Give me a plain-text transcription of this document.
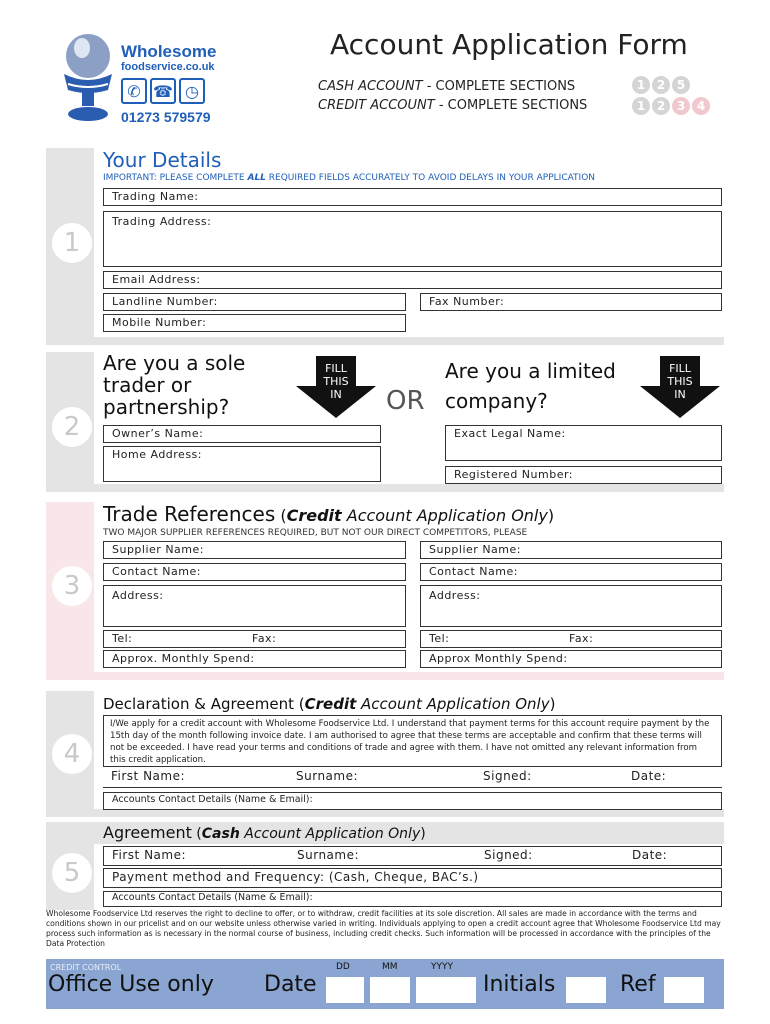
Wholesome
foodservice.co.uk
✆ ☎ ◷
01273 579579
Account Application Form
CASH ACCOUNT - COMPLETE SECTIONS	1 2 5
CREDIT ACCOUNT - COMPLETE SECTIONS	1 2 3 4
1
Your Details
IMPORTANT: PLEASE COMPLETE ALL REQUIRED FIELDS ACCURATELY TO AVOID DELAYS IN YOUR APPLICATION
Trading Name:
Trading Address:
Email Address:
Landline Number:	Fax Number:
Mobile Number:
2
Are you a sole
trader or
partnership?
FILL
THIS
IN	OR
Are you a limited
company?
FILL
THIS
IN
Owner’s Name:
Home Address:
Exact Legal Name:
Registered Number:
3
Trade References (Credit Account Application Only)
TWO MAJOR SUPPLIER REFERENCES REQUIRED, BUT NOT OUR DIRECT COMPETITORS, PLEASE
Supplier Name:	Supplier Name:
Contact Name:	Contact Name:
Address:	Address:
Tel:	Fax:	Tel:	Fax:
Approx. Monthly Spend:	Approx Monthly Spend:
4
Declaration & Agreement (Credit Account Application Only)
I/We apply for a credit account with Wholesome Foodservice Ltd. I understand that payment terms for this account require payment by the 15th day of the month following invoice date. I am authorised to agree that these terms are acceptable and confirm that these terms will not be exceeded. I have read your terms and conditions of trade and agree with them. I have not omitted any relevant information from this credit application.
First Name:	Surname:	Signed:	Date:
Accounts Contact Details (Name & Email):
5
Agreement (Cash Account Application Only)
First Name:	Surname:	Signed:	Date:
Payment method and Frequency: (Cash, Cheque, BAC’s.)
Accounts Contact Details (Name & Email):
Wholesome Foodservice Ltd reserves the right to decline to offer, or to withdraw, credit facilities at its sole discretion. All sales are made in accordance with the terms and conditions shown in our pricelist and on our website unless otherwise varied in writing. Individuals applying to open a credit account agree that Wholesome Foodservice Ltd may process such information as is necessary in the normal course of business, including credit checks. Such information will be processed in accordance with the principles of the Data Protection
CREDIT CONTROL
Office Use only Date
DD	MM	YYYY
Initials	Ref
